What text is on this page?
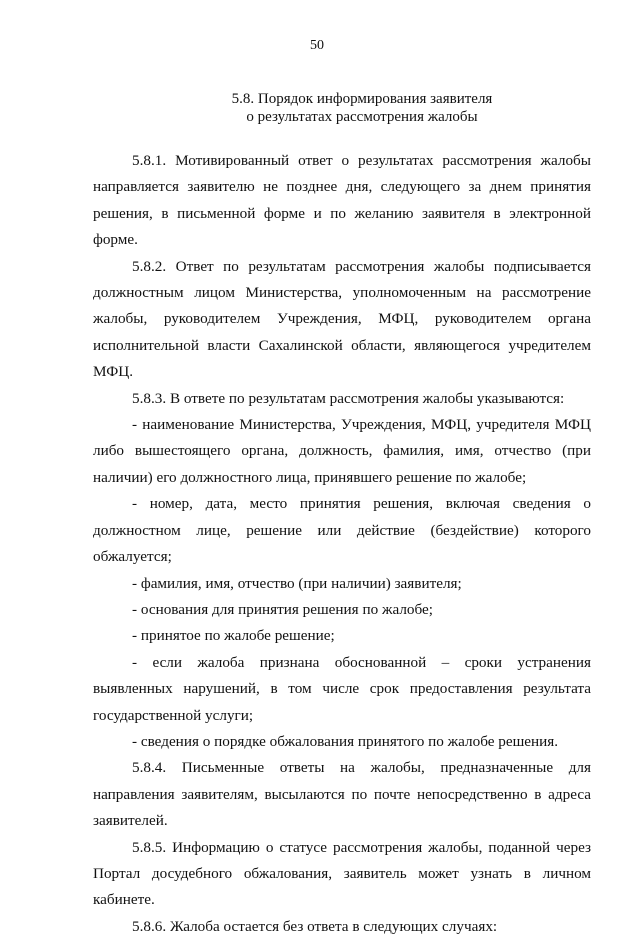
50
5.8. Порядок информирования заявителя
о результатах рассмотрения жалобы

5.8.1. Мотивированный ответ о результатах рассмотрения жалобы направляется заявителю не позднее дня, следующего за днем принятия решения, в письменной форме и по желанию заявителя в электронной форме.

5.8.2. Ответ по результатам рассмотрения жалобы подписывается должностным лицом Министерства, уполномоченным на рассмотрение жалобы, руководителем Учреждения, МФЦ, руководителем органа исполнительной власти Сахалинской области, являющегося учредителем МФЦ.

5.8.3. В ответе по результатам рассмотрения жалобы указываются:

- наименование Министерства, Учреждения, МФЦ, учредителя МФЦ либо вышестоящего органа, должность, фамилия, имя, отчество (при наличии) его должностного лица, принявшего решение по жалобе;

- номер, дата, место принятия решения, включая сведения о должностном лице, решение или действие (бездействие) которого обжалуется;

- фамилия, имя, отчество (при наличии) заявителя;

- основания для принятия решения по жалобе;

- принятое по жалобе решение;

- если жалоба признана обоснованной – сроки устранения выявленных нарушений, в том числе срок предоставления результата государственной услуги;

- сведения о порядке обжалования принятого по жалобе решения.

5.8.4. Письменные ответы на жалобы, предназначенные для направления заявителям, высылаются по почте непосредственно в адреса заявителей.

5.8.5. Информацию о статусе рассмотрения жалобы, поданной через Портал досудебного обжалования, заявитель может узнать в личном кабинете.

5.8.6. Жалоба остается без ответа в следующих случаях:
